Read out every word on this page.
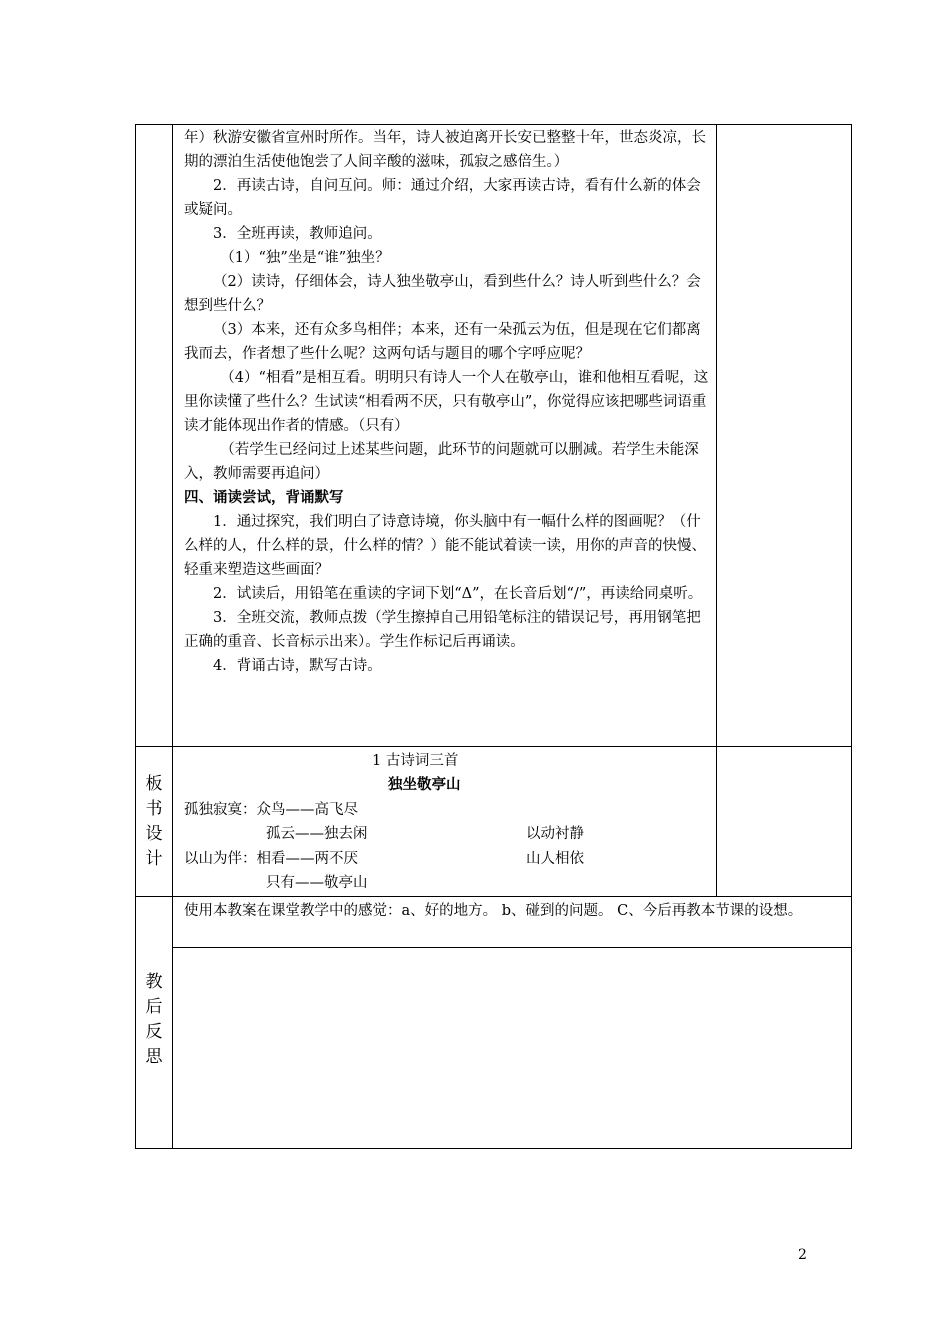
年）秋游安徽省宣州时所作。当年，诗人被迫离开长安已整整十年，世态炎凉，长期的漂泊生活使他饱尝了人间辛酸的滋味，孤寂之感倍生。）

2．再读古诗，自问互问。师：通过介绍，大家再读古诗，看有什么新的体会或疑问。

3．全班再读，教师追问。

（1）“独”坐是“谁”独坐？

（2）读诗，仔细体会，诗人独坐敬亭山，看到些什么？诗人听到些什么？会想到些什么？

（3）本来，还有众多鸟相伴；本来，还有一朵孤云为伍，但是现在它们都离我而去，作者想了些什么呢？这两句话与题目的哪个字呼应呢？

（4）“相看”是相互看。明明只有诗人一个人在敬亭山，谁和他相互看呢，这里你读懂了些什么？生试读“相看两不厌，只有敬亭山”，你觉得应该把哪些词语重读才能体现出作者的情感。（只有）

（若学生已经问过上述某些问题，此环节的问题就可以删减。若学生未能深入，教师需要再追问）

四、诵读尝试，背诵默写

1．通过探究，我们明白了诗意诗境，你头脑中有一幅什么样的图画呢？（什么样的人，什么样的景，什么样的情？）能不能试着读一读，用你的声音的快慢、轻重来塑造这些画面？

2．试读后，用铅笔在重读的字词下划“Δ”，在长音后划“/”，再读给同桌听。

3．全班交流，教师点拨（学生擦掉自己用铅笔标注的错误记号，再用钢笔把正确的重音、长音标示出来）。学生作标记后再诵读。

4．背诵古诗，默写古诗。

板
书
设
计
1 古诗词三首
独坐敬亭山
孤独寂寞：众鸟——高飞尽
孤云——独去闲	以动衬静
以山为伴：相看——两不厌	山人相依
只有——敬亭山
教
后
反
思

使用本教案在课堂教学中的感觉：a、好的地方。 b、碰到的问题。 C、今后再教本节课的设想。

2
